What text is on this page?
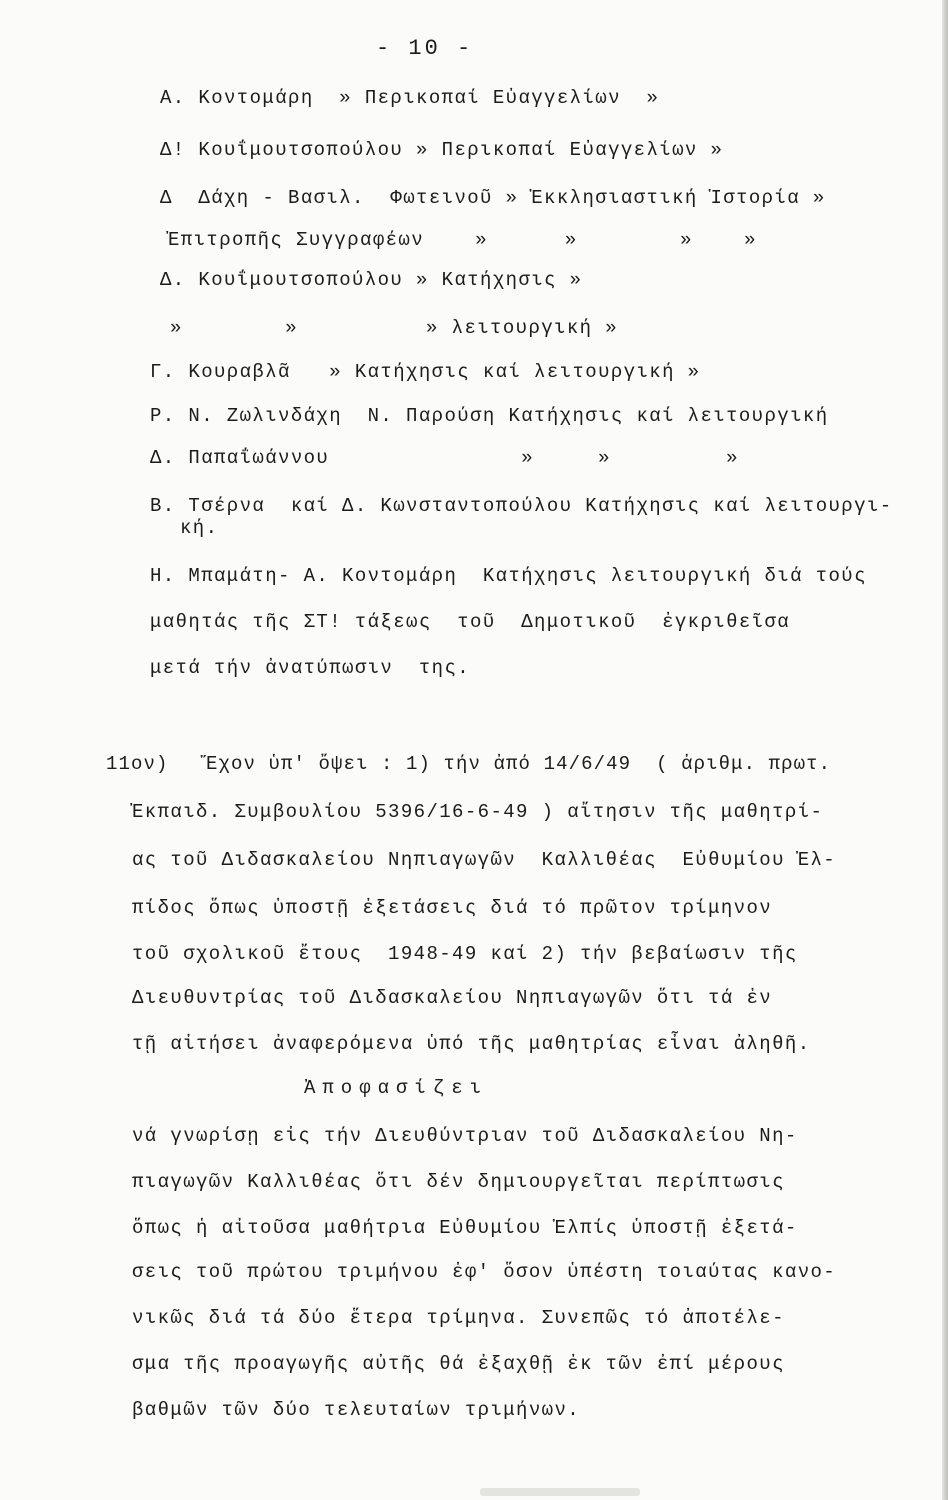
- 10 -
Α. Κοντομάρη  » Περικοπαί Εὐαγγελίων  »
Δ! Κουΐμουτσοπούλου » Περικοπαί Εὐαγγελίων »
Δ  Δάχη - Βασιλ.  Φωτεινοῦ » Ἐκκλησιαστική Ἱστορία »
Ἐπιτροπῆς Συγγραφέων    »      »        »    »
Δ. Κουΐμουτσοπούλου » Κατήχησις »
»        »          » λειτουργική »
Γ. Κουραβλᾶ   » Κατήχησις καί λειτουργική »
Ρ. Ν. Ζωλινδάχη  Ν. Παρούση Κατήχησις καί λειτουργική
Δ. Παπαΐωάννου               »     »         »
Β. Τσέρνα  καί Δ. Κωνσταντοπούλου Κατήχησις καί λειτουργι-
κή.
Η. Μπαμάτη- Α. Κοντομάρη  Κατήχησις λειτουργική διά τούς
μαθητάς τῆς ΣΤ! τάξεως  τοῦ  Δημοτικοῦ  ἐγκριθεῖσα
μετά τήν ἀνατύπωσιν  της.
11ον)   Ἔχον ὑπ' ὄψει : 1) τήν ἀπό 14/6/49  ( ἀριθμ. πρωτ.
Ἐκπαιδ. Συμβουλίου 5396/16-6-49 ) αἴτησιν τῆς μαθητρί-
ας τοῦ Διδασκαλείου Νηπιαγωγῶν  Καλλιθέας  Εὐθυμίου Ἐλ-
πίδος ὅπως ὑποστῇ ἐξετάσεις διά τό πρῶτον τρίμηνον
τοῦ σχολικοῦ ἔτους  1948-49 καί 2) τήν βεβαίωσιν τῆς
Διευθυντρίας τοῦ Διδασκαλείου Νηπιαγωγῶν ὅτι τά ἐν
τῇ αἰτήσει ἀναφερόμενα ὑπό τῆς μαθητρίας εἶναι ἀληθῆ.
Ἀποφασίζει
νά γνωρίσῃ εἰς τήν Διευθύντριαν τοῦ Διδασκαλείου Νη-
πιαγωγῶν Καλλιθέας ὅτι δέν δημιουργεῖται περίπτωσις
ὅπως ἡ αἰτοῦσα μαθήτρια Εὐθυμίου Ἐλπίς ὑποστῇ ἐξετά-
σεις τοῦ πρώτου τριμήνου ἐφ' ὅσον ὑπέστη τοιαύτας κανο-
νικῶς διά τά δύο ἕτερα τρίμηνα. Συνεπῶς τό ἀποτέλε-
σμα τῆς προαγωγῆς αὐτῆς θά ἐξαχθῇ ἐκ τῶν ἐπί μέρους
βαθμῶν τῶν δύο τελευταίων τριμήνων.
